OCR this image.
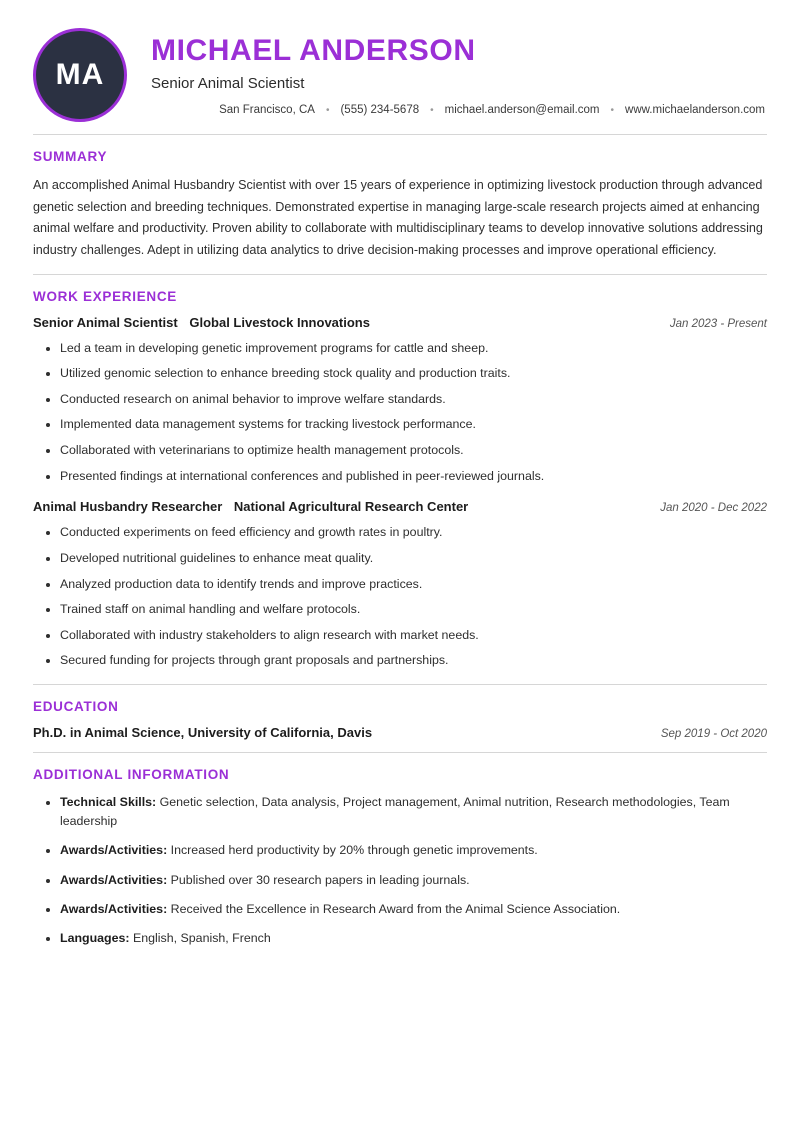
MA
MICHAEL ANDERSON
Senior Animal Scientist
San Francisco, CA	• (555) 234-5678	• michael.anderson@email.com	• www.michaelanderson.com
SUMMARY

An accomplished Animal Husbandry Scientist with over 15 years of experience in optimizing livestock production through advanced genetic selection and breeding techniques. Demonstrated expertise in managing large-scale research projects aimed at enhancing animal welfare and productivity. Proven ability to collaborate with multidisciplinary teams to develop innovative solutions addressing industry challenges. Adept in utilizing data analytics to drive decision-making processes and improve operational efficiency.

WORK EXPERIENCE
Senior Animal Scientist Global Livestock Innovations	Jan 2023 - Present
• Led a team in developing genetic improvement programs for cattle and sheep.
• Utilized genomic selection to enhance breeding stock quality and production traits.
• Conducted research on animal behavior to improve welfare standards.
• Implemented data management systems for tracking livestock performance.
• Collaborated with veterinarians to optimize health management protocols.
• Presented findings at international conferences and published in peer-reviewed journals.
Animal Husbandry Researcher National Agricultural Research Center	Jan 2020 - Dec 2022
• Conducted experiments on feed efficiency and growth rates in poultry.
• Developed nutritional guidelines to enhance meat quality.
• Analyzed production data to identify trends and improve practices.
• Trained staff on animal handling and welfare protocols.
• Collaborated with industry stakeholders to align research with market needs.
• Secured funding for projects through grant proposals and partnerships.
EDUCATION
Ph.D. in Animal Science, University of California, Davis	Sep 2019 - Oct 2020
ADDITIONAL INFORMATION
• Technical Skills: Genetic selection, Data analysis, Project management, Animal nutrition, Research methodologies, Team leadership
• Awards/Activities: Increased herd productivity by 20% through genetic improvements.
• Awards/Activities: Published over 30 research papers in leading journals.
• Awards/Activities: Received the Excellence in Research Award from the Animal Science Association.
• Languages: English, Spanish, French
